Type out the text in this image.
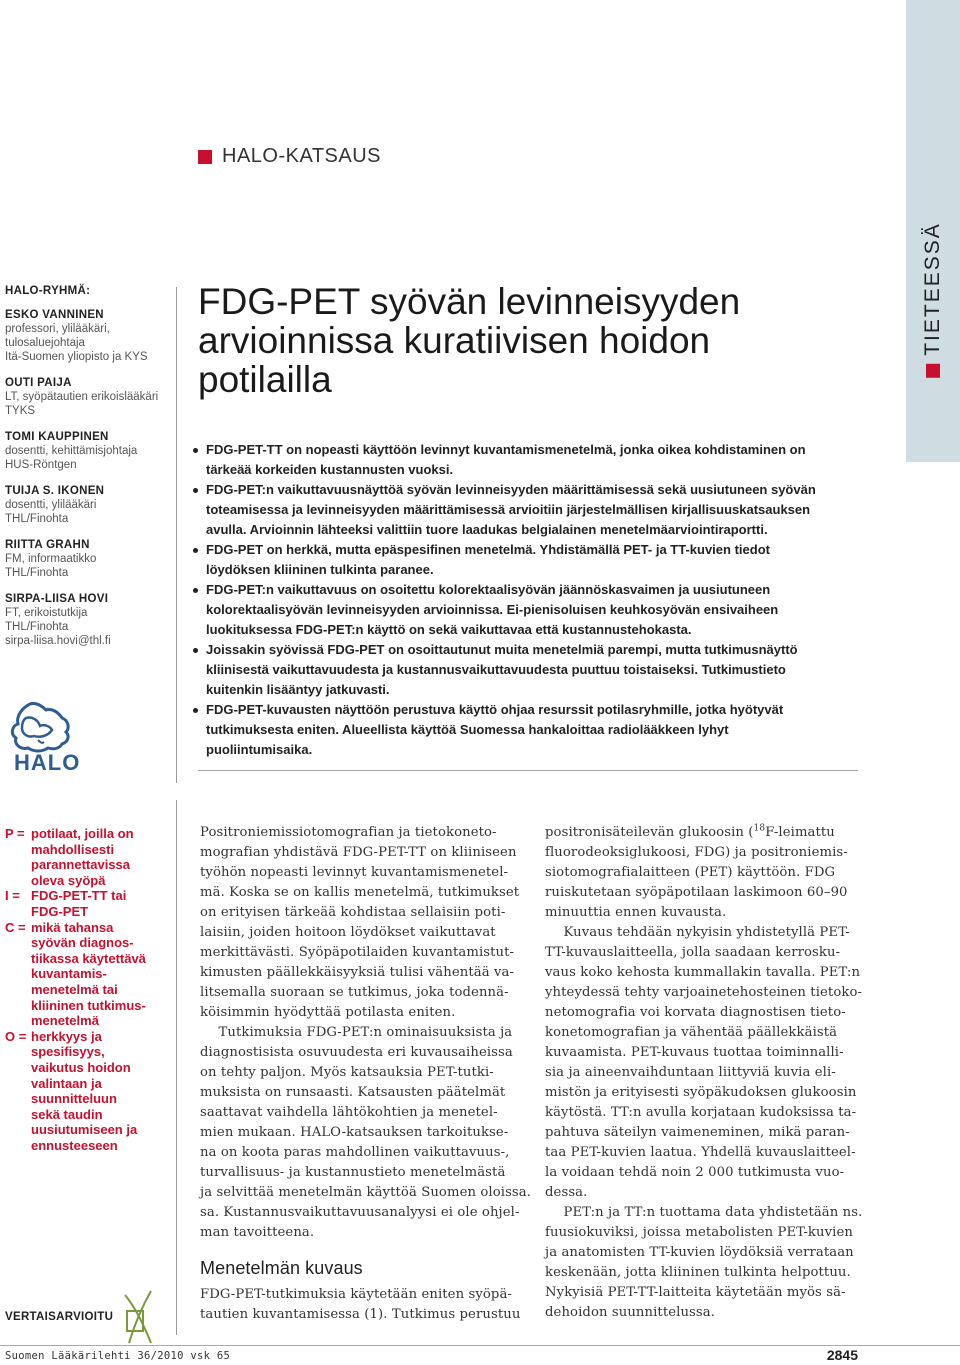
TIETEESSÄ
HALO-KATSAUS
HALO-RYHMÄ:
ESKO VANNINEN
professori, ylilääkäri,
tulosaluejohtaja
Itä-Suomen yliopisto ja KYS
OUTI PAIJA
LT, syöpätautien erikoislääkäri
TYKS
TOMI KAUPPINEN
dosentti, kehittämisjohtaja
HUS-Röntgen
TUIJA S. IKONEN
dosentti, ylilääkäri
THL/Finohta
RIITTA GRAHN
FM, informaatikko
THL/Finohta
SIRPA-LIISA HOVI
FT, erikoistutkija
THL/Finohta
sirpa-liisa.hovi@thl.fi
HALO
FDG-PET syövän levinneisyyden
arvioinnissa kuratiivisen hoidon
potilailla
FDG-PET-TT on nopeasti käyttöön levinnyt kuvantamismenetelmä, jonka oikea kohdistaminen on
tärkeää korkeiden kustannusten vuoksi.
FDG-PET:n vaikuttavuusnäyttöä syövän levinneisyyden määrittämisessä sekä uusiutuneen syövän
toteamisessa ja levinneisyyden määrittämisessä arvioitiin järjestelmällisen kirjallisuuskatsauksen
avulla. Arvioinnin lähteeksi valittiin tuore laadukas belgialainen menetelmäarviointiraportti.
FDG-PET on herkkä, mutta epäspesifinen menetelmä. Yhdistämällä PET- ja TT-kuvien tiedot
löydöksen kliininen tulkinta paranee.
FDG-PET:n vaikuttavuus on osoitettu kolorektaalisyövän jäännöskasvaimen ja uusiutuneen
kolorektaalisyövän levinneisyyden arvioinnissa. Ei-pienisoluisen keuhkosyövän ensivaiheen
luokituksessa FDG-PET:n käyttö on sekä vaikuttavaa että kustannustehokasta.
Joissakin syövissä FDG-PET on osoittautunut muita menetelmiä parempi, mutta tutkimusnäyttö
kliinisestä vaikuttavuudesta ja kustannusvaikuttavuudesta puuttuu toistaiseksi. Tutkimustieto
kuitenkin lisääntyy jatkuvasti.
FDG-PET-kuvausten näyttöön perustuva käyttö ohjaa resurssit potilasryhmille, jotka hyötyvät
tutkimuksesta eniten. Alueellista käyttöä Suomessa hankaloittaa radiolääkkeen lyhyt
puoliintumisaika.
P = potilaat, joilla on
mahdollisesti
parannettavissa
oleva syöpä
I = FDG-PET-TT tai
FDG-PET
C = mikä tahansa
syövän diagnos-
tiikassa käytettävä
kuvantamis-
menetelmä tai
kliininen tutkimus-
menetelmä
O = herkkyys ja
spesifisyys,
vaikutus hoidon
valintaan ja
suunnitteluun
sekä taudin
uusiutumiseen ja
ennusteeseen
Positroniemissiotomografian ja tietokoneto-
mografian yhdistävä FDG-PET-TT on kliiniseen
työhön nopeasti levinnyt kuvantamismenetel-
mä. Koska se on kallis menetelmä, tutkimukset
on erityisen tärkeää kohdistaa sellaisiin poti-
laisiin, joiden hoitoon löydökset vaikuttavat
merkittävästi. Syöpäpotilaiden kuvantamistut-
kimusten päällekkäisyyksiä tulisi vähentää va-
litsemalla suoraan se tutkimus, joka todennä-
köisimmin hyödyttää potilasta eniten.
Tutkimuksia FDG-PET:n ominaisuuksista ja
diagnostisista osuvuudesta eri kuvausaiheissa
on tehty paljon. Myös katsauksia PET-tutki-
muksista on runsaasti. Katsausten päätelmät
saattavat vaihdella lähtökohtien ja menetel-
mien mukaan. HALO-katsauksen tarkoitukse-
na on koota paras mahdollinen vaikuttavuus-,
turvallisuus- ja kustannustieto menetelmästä
ja selvittää menetelmän käyttöä Suomen oloissa.
sa. Kustannusvaikuttavuusanalyysi ei ole ohjel-
man tavoitteena.
Menetelmän kuvaus
FDG-PET-tutkimuksia käytetään eniten syöpä-
tautien kuvantamisessa (1). Tutkimus perustuu
positronisäteilevän glukoosin ($^{18}$F-leimattu
fluorodeoksiglukoosi, FDG) ja positroniemis-
siotomografialaitteen (PET) käyttöön. FDG
ruiskutetaan syöpäpotilaan laskimoon 60–90
minuuttia ennen kuvausta.
Kuvaus tehdään nykyisin yhdistetyllä PET-
TT-kuvauslaitteella, jolla saadaan kerrosku-
vaus koko kehosta kummallakin tavalla. PET:n
yhteydessä tehty varjoainetehosteinen tietoko-
netomografia voi korvata diagnostisen tieto-
konetomografian ja vähentää päällekkäistä
kuvaamista. PET-kuvaus tuottaa toiminnalli-
sia ja aineenvaihduntaan liittyviä kuvia eli-
mistön ja erityisesti syöpäkudoksen glukoosin
käytöstä. TT:n avulla korjataan kudoksissa ta-
pahtuva säteilyn vaimeneminen, mikä paran-
taa PET-kuvien laatua. Yhdellä kuvauslaitteel-
la voidaan tehdä noin 2 000 tutkimusta vuo-
dessa.
PET:n ja TT:n tuottama data yhdistetään ns.
fuusiokuviksi, joissa metabolisten PET-kuvien
ja anatomisten TT-kuvien löydöksiä verrataan
keskenään, jotta kliininen tulkinta helpottuu.
Nykyisiä PET-TT-laitteita käytetään myös sä-
dehoidon suunnittelussa.
VERTAISARVIOITU
Suomen Lääkärilehti 36/2010 vsk 65	2845
